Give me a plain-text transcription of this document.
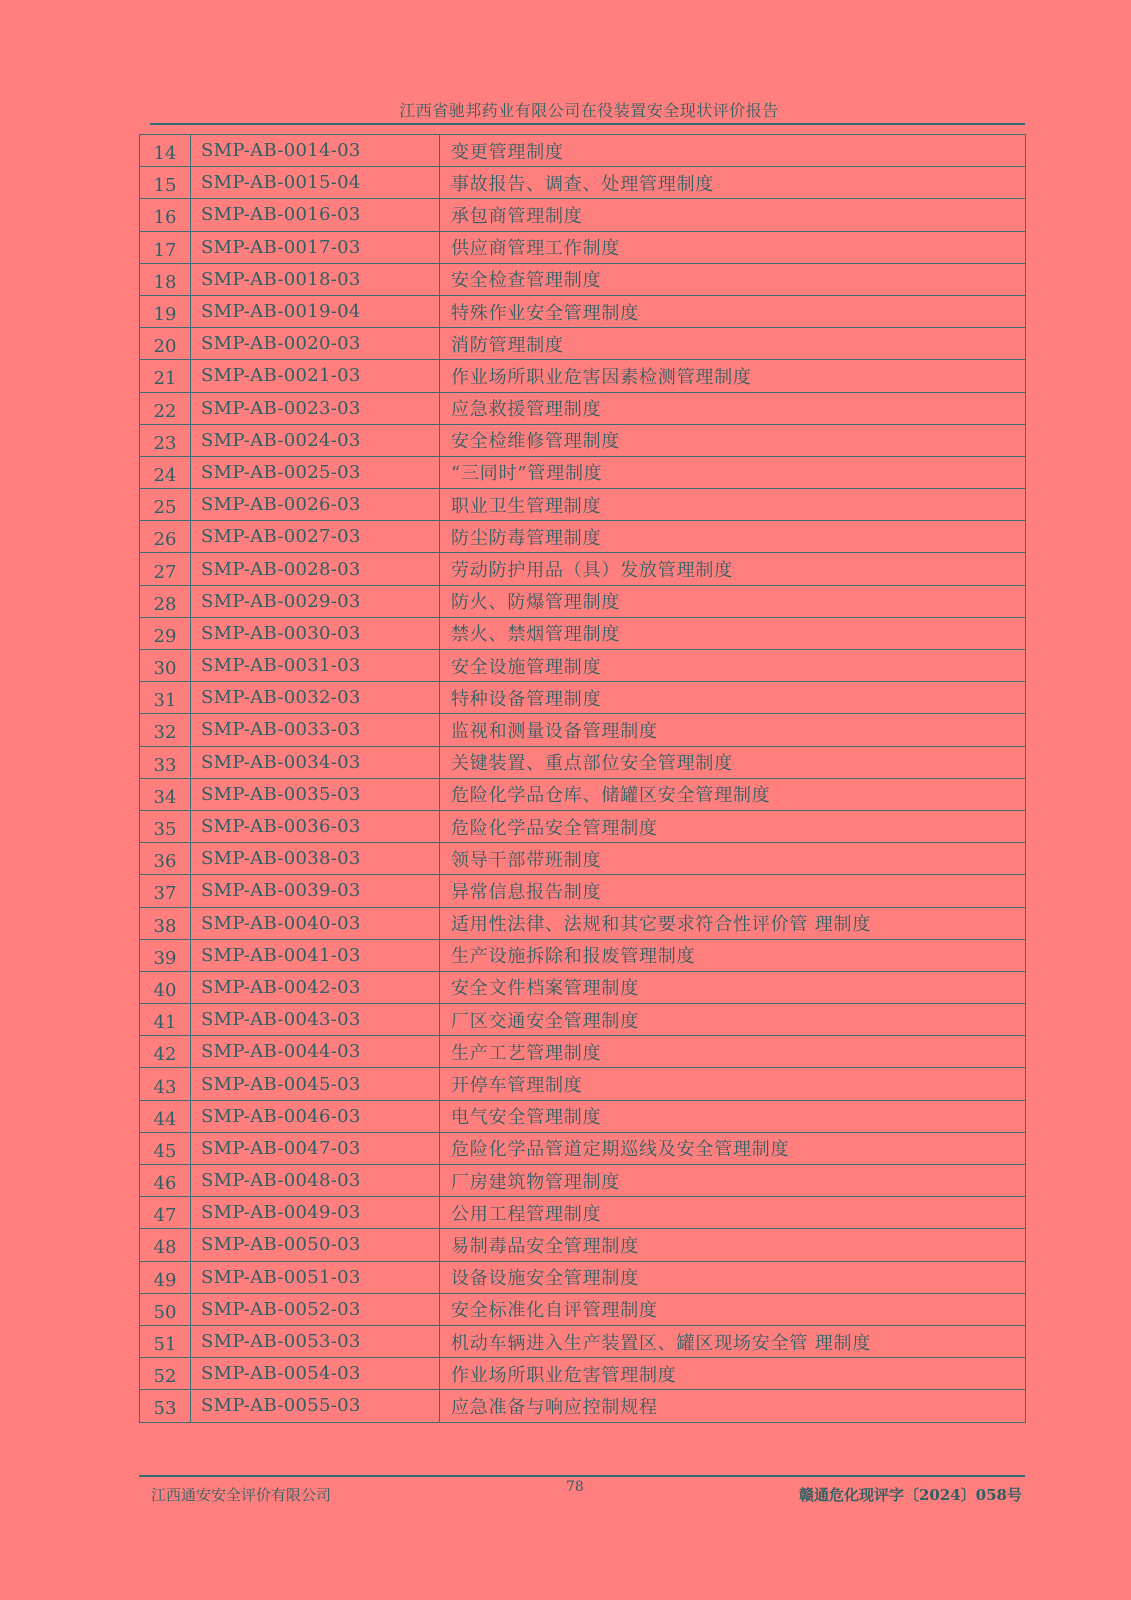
江西省驰邦药业有限公司在役装置安全现状评价报告
14	SMP-AB-0014-03	变更管理制度
15	SMP-AB-0015-04	事故报告、调查、处理管理制度
16	SMP-AB-0016-03	承包商管理制度
17	SMP-AB-0017-03	供应商管理工作制度
18	SMP-AB-0018-03	安全检查管理制度
19	SMP-AB-0019-04	特殊作业安全管理制度
20	SMP-AB-0020-03	消防管理制度
21	SMP-AB-0021-03	作业场所职业危害因素检测管理制度
22	SMP-AB-0023-03	应急救援管理制度
23	SMP-AB-0024-03	安全检维修管理制度
24	SMP-AB-0025-03	“三同时”管理制度
25	SMP-AB-0026-03	职业卫生管理制度
26	SMP-AB-0027-03	防尘防毒管理制度
27	SMP-AB-0028-03	劳动防护用品（具）发放管理制度
28	SMP-AB-0029-03	防火、防爆管理制度
29	SMP-AB-0030-03	禁火、禁烟管理制度
30	SMP-AB-0031-03	安全设施管理制度
31	SMP-AB-0032-03	特种设备管理制度
32	SMP-AB-0033-03	监视和测量设备管理制度
33	SMP-AB-0034-03	关键装置、重点部位安全管理制度
34	SMP-AB-0035-03	危险化学品仓库、储罐区安全管理制度
35	SMP-AB-0036-03	危险化学品安全管理制度
36	SMP-AB-0038-03	领导干部带班制度
37	SMP-AB-0039-03	异常信息报告制度
38	SMP-AB-0040-03	适用性法律、法规和其它要求符合性评价管 理制度
39	SMP-AB-0041-03	生产设施拆除和报废管理制度
40	SMP-AB-0042-03	安全文件档案管理制度
41	SMP-AB-0043-03	厂区交通安全管理制度
42	SMP-AB-0044-03	生产工艺管理制度
43	SMP-AB-0045-03	开停车管理制度
44	SMP-AB-0046-03	电气安全管理制度
45	SMP-AB-0047-03	危险化学品管道定期巡线及安全管理制度
46	SMP-AB-0048-03	厂房建筑物管理制度
47	SMP-AB-0049-03	公用工程管理制度
48	SMP-AB-0050-03	易制毒品安全管理制度
49	SMP-AB-0051-03	设备设施安全管理制度
50	SMP-AB-0052-03	安全标准化自评管理制度
51	SMP-AB-0053-03	机动车辆进入生产装置区、罐区现场安全管 理制度
52	SMP-AB-0054-03	作业场所职业危害管理制度
53	SMP-AB-0055-03	应急准备与响应控制规程
江西通安安全评价有限公司	78	赣通危化现评字〔2024〕058号
